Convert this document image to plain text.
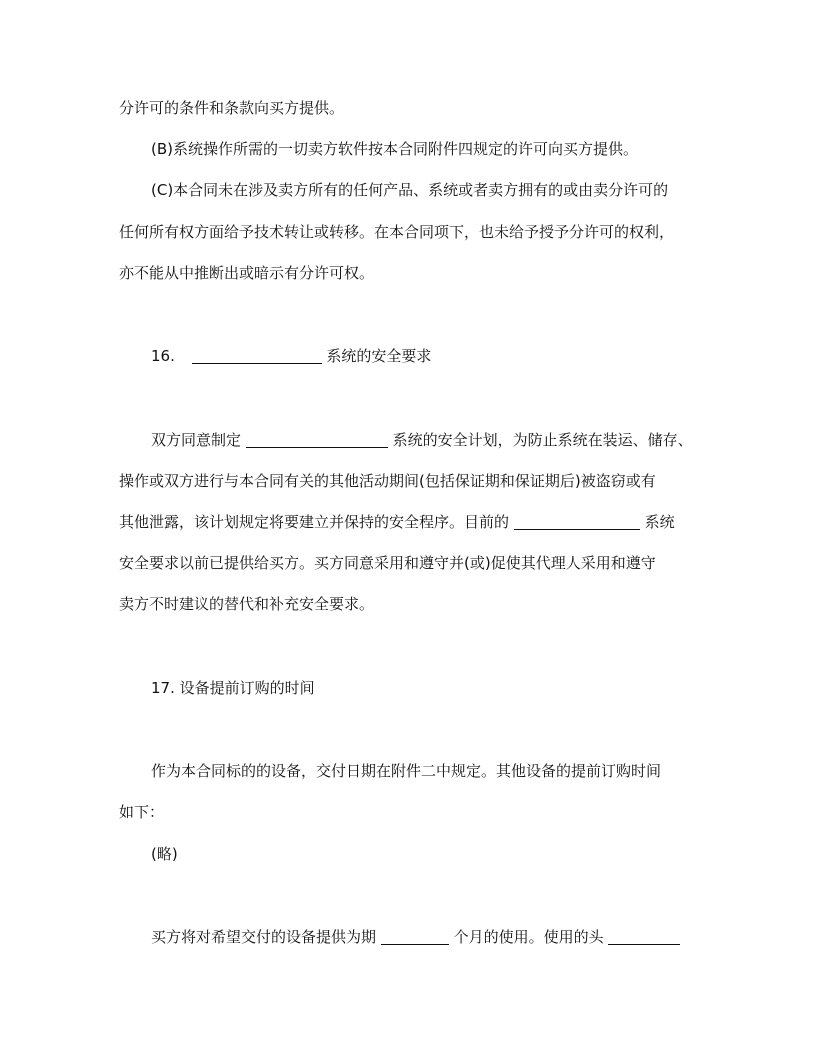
分许可的条件和条款向买方提供。
(B)系统操作所需的一切卖方软件按本合同附件四规定的许可向买方提供。
(C)本合同未在涉及卖方所有的任何产品、系统或者卖方拥有的或由卖分许可的
任何所有权方面给予技术转让或转移。在本合同项下，也未给予授予分许可的权利，
亦不能从中推断出或暗示有分许可权。
16.	系统的安全要求
双方同意制定	系统的安全计划，为防止系统在装运、储存、
操作或双方进行与本合同有关的其他活动期间(包括保证期和保证期后)被盗窃或有
其他泄露，该计划规定将要建立并保持的安全程序。目前的	系统
安全要求以前已提供给买方。买方同意采用和遵守并(或)促使其代理人采用和遵守
卖方不时建议的替代和补充安全要求。
17. 设备提前订购的时间
作为本合同标的的设备，交付日期在附件二中规定。其他设备的提前订购时间
如下：
(略)
买方将对希望交付的设备提供为期	个月的使用。使用的头
